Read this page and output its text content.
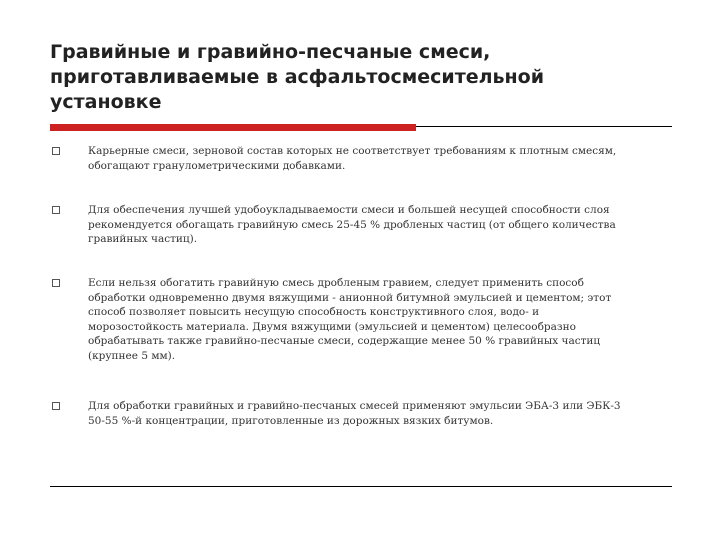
Гравийные и гравийно-песчаные смеси,
приготавливаемые в асфальтосмесительной
установке
Карьерные смеси, зерновой состав которых не соответствует требованиям к плотным смесям,
обогащают гранулометрическими добавками.
Для обеспечения лучшей удобоукладываемости смеси и большей несущей способности слоя
рекомендуется обогащать гравийную смесь 25-45 % дробленых частиц (от общего количества
гравийных частиц).
Если нельзя обогатить гравийную смесь дробленым гравием, следует применить способ
обработки одновременно двумя вяжущими - анионной битумной эмульсией и цементом; этот
способ позволяет повысить несущую способность конструктивного слоя, водо- и
морозостойкость материала. Двумя вяжущими (эмульсией и цементом) целесообразно
обрабатывать также гравийно-песчаные смеси, содержащие менее 50 % гравийных частиц
(крупнее 5 мм).
Для обработки гравийных и гравийно-песчаных смесей применяют эмульсии ЭБА-3 или ЭБК-3
50-55 %-й концентрации, приготовленные из дорожных вязких битумов.
